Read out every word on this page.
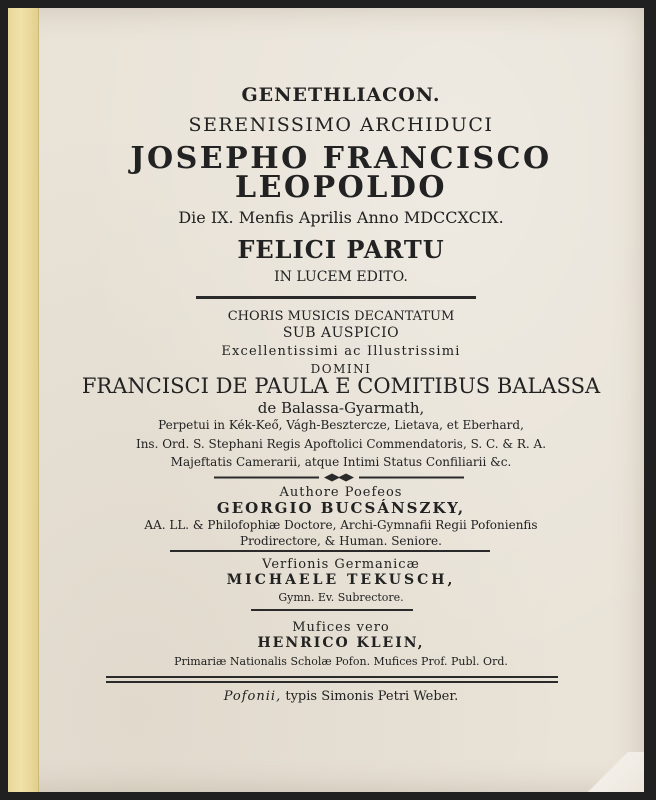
GENETHLIACON.
SERENISSIMO ARCHIDUCI
JOSEPHO FRANCISCO
LEOPOLDO
Die IX. Menfis Aprilis Anno MDCCXCIX.
FELICI PARTU
IN LUCEM EDITO.
CHORIS MUSICIS DECANTATUM
SUB AUSPICIO
Excellentissimi ac Illustrissimi
DOMINI
FRANCISCI DE PAULA E COMITIBUS BALASSA
de Balassa-Gyarmath,
Perpetui in Kék-Keő, Vágh-Besztercze, Lietava, et Eberhard,
Ins. Ord. S. Stephani Regis Apoftolici Commendatoris, S. C. & R. A.
Majeftatis Camerarii, atque Intimi Status Confiliarii &c.
Authore Poefeos
GEORGIO BUCSÁNSZKY,
AA. LL. & Philofophiæ Doctore, Archi-Gymnafii Regii Pofonienfis
Prodirectore, & Human. Seniore.
Verfionis Germanicæ
MICHAELE TEKUSCH,
Gymn. Ev. Subrectore.
Mufices vero
HENRICO KLEIN,
Primariæ Nationalis Scholæ Pofon. Mufices Prof. Publ. Ord.
Pofonii, typis Simonis Petri Weber.
